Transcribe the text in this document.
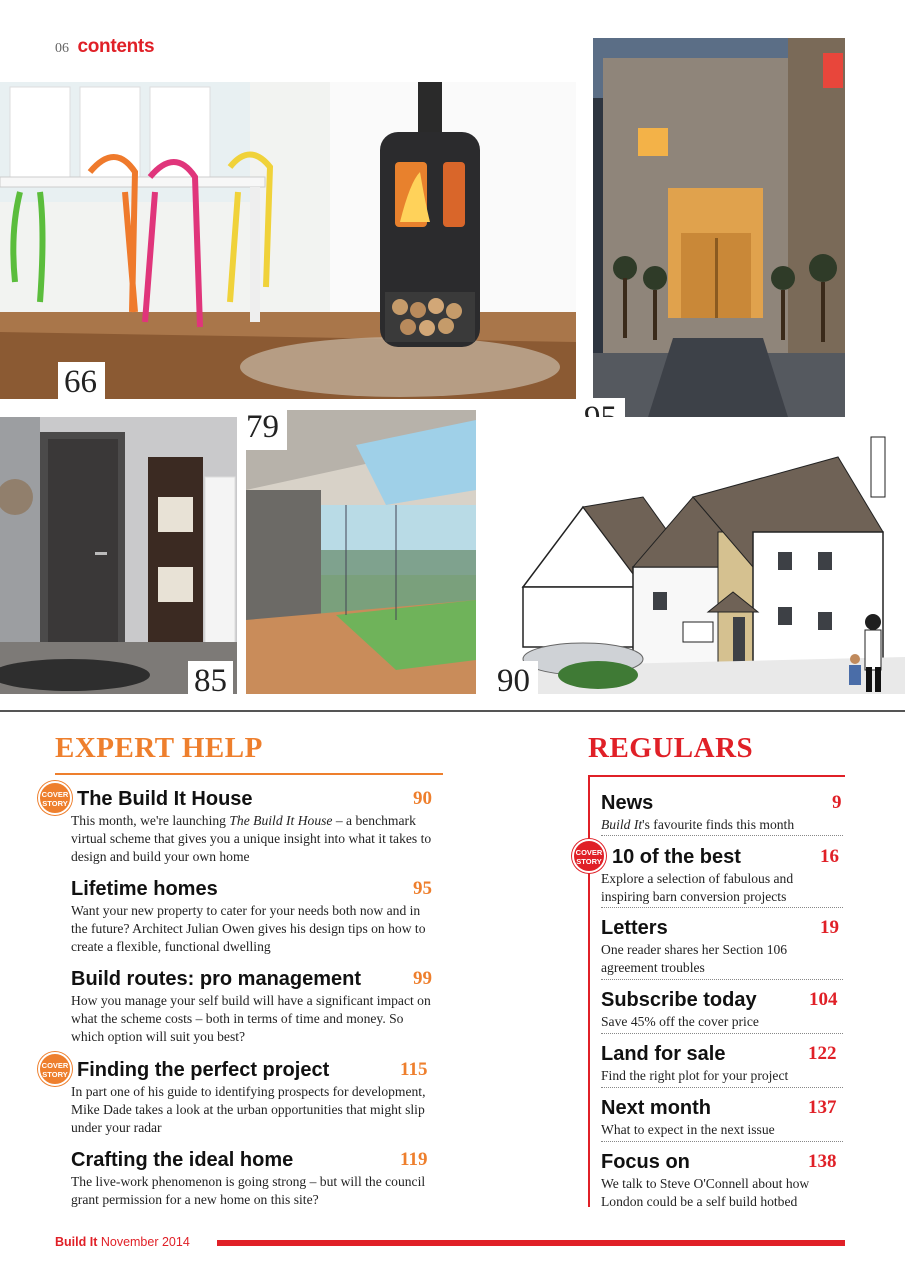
06 contents
66
85
79
90
EXPERT HELP
COVER
STORY The Build It House	90
This month, we're launching The Build It House – a benchmark virtual scheme that gives you a unique insight into what it takes to design and build your own home
Lifetime homes	95
Want your new property to cater for your needs both now and in the future? Architect Julian Owen gives his design tips on how to create a flexible, functional dwelling
Build routes: pro management	99
How you manage your self build will have a significant impact on what the scheme costs – both in terms of time and money. So which option will suit you best?
COVER
STORY Finding the perfect project	115
In part one of his guide to identifying prospects for development, Mike Dade takes a look at the urban opportunities that might slip under your radar
Crafting the ideal home	119
The live-work phenomenon is going strong – but will the council grant permission for a new home on this site?
REGULARS
News	9
Build It's favourite finds this month
COVER
STORY 10 of the best	16
Explore a selection of fabulous and inspiring barn conversion projects
Letters	19
One reader shares her Section 106 agreement troubles
Subscribe today	104
Save 45% off the cover price
Land for sale	122
Find the right plot for your project
Next month	137
What to expect in the next issue
Focus on	138
We talk to Steve O'Connell about how London could be a self build hotbed
Build It November 2014
